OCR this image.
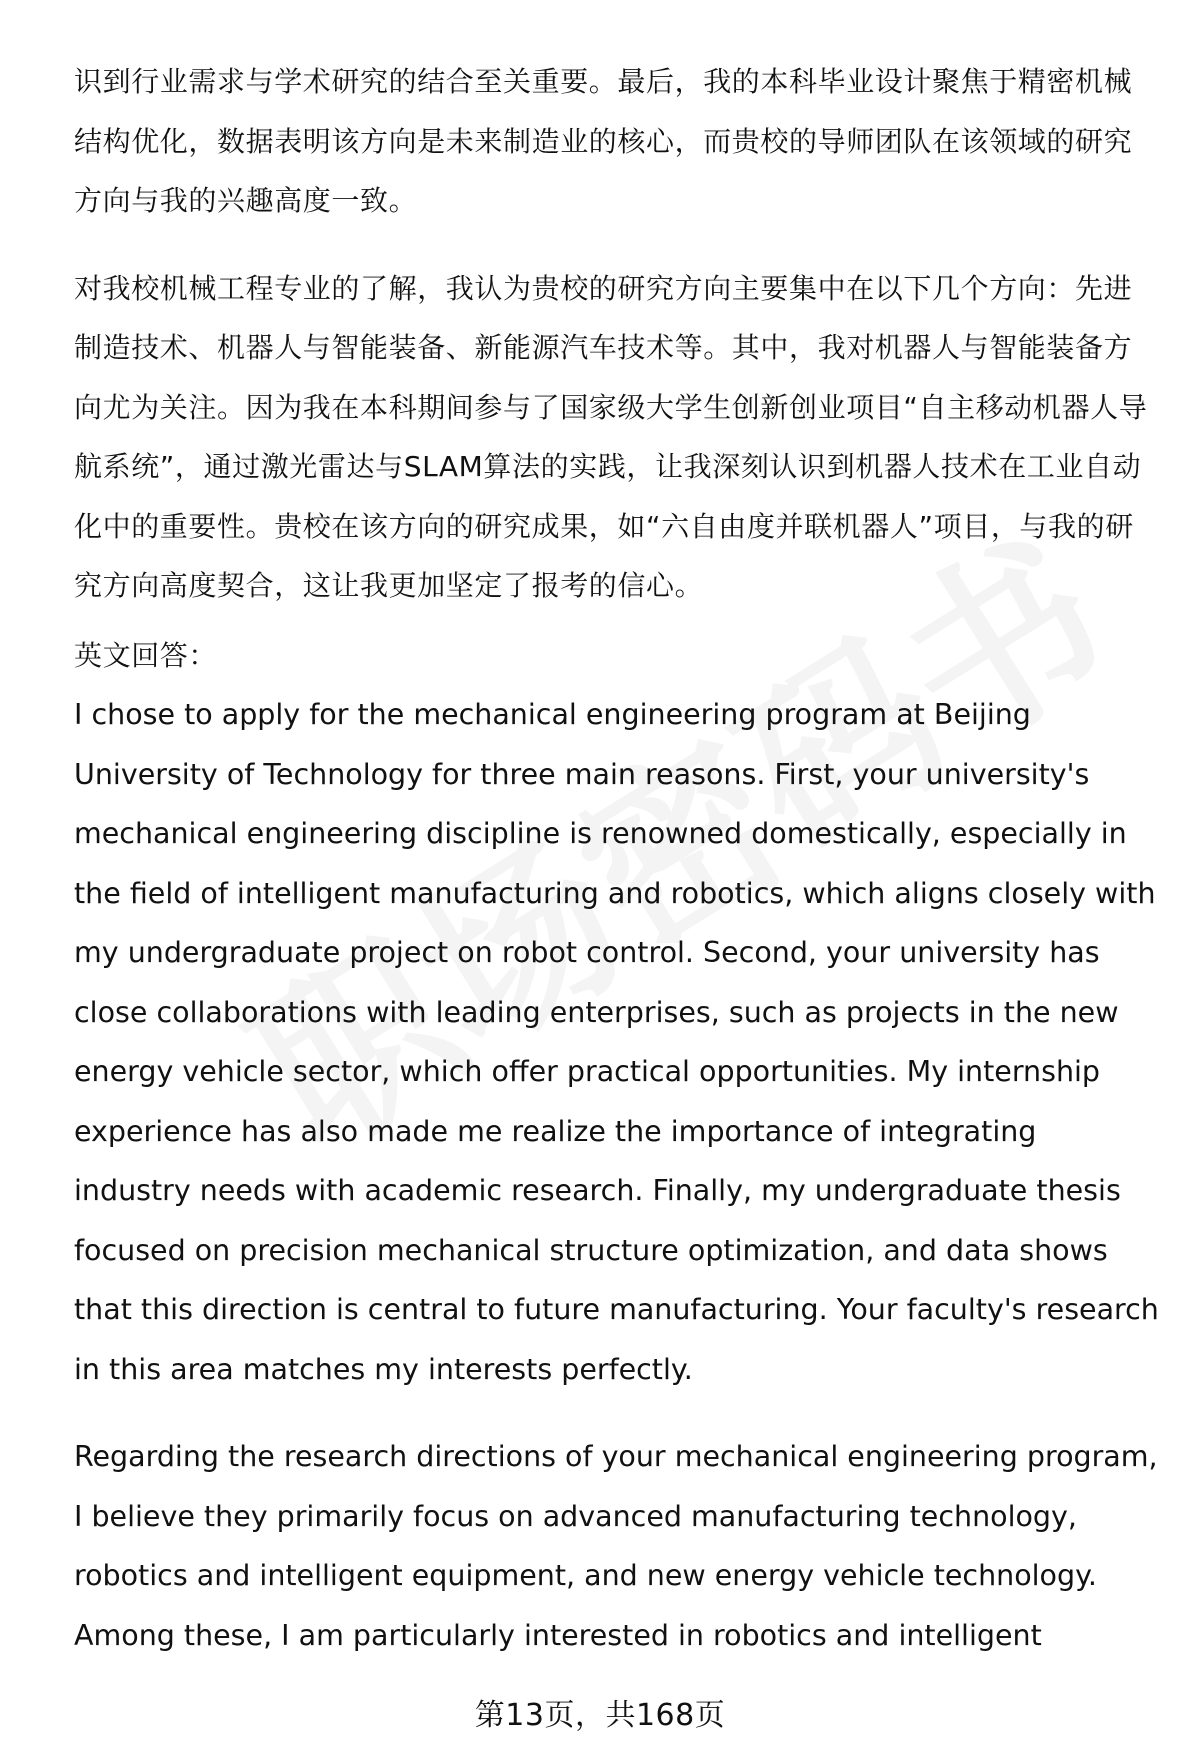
识到行业需求与学术研究的结合至关重要。最后，我的本科毕业设计聚焦于精密机械结构优化，数据表明该方向是未来制造业的核心，而贵校的导师团队在该领域的研究方向与我的兴趣高度一致。

对我校机械工程专业的了解，我认为贵校的研究方向主要集中在以下几个方向：先进制造技术、机器人与智能装备、新能源汽车技术等。其中，我对机器人与智能装备方向尤为关注。因为我在本科期间参与了国家级大学生创新创业项目“自主移动机器人导航系统”，通过激光雷达与SLAM算法的实践，让我深刻认识到机器人技术在工业自动化中的重要性。贵校在该方向的研究成果，如“六自由度并联机器人”项目，与我的研究方向高度契合，这让我更加坚定了报考的信心。

英文回答：

I chose to apply for the mechanical engineering program at Beijing University of Technology for three main reasons. First, your university's mechanical engineering discipline is renowned domestically, especially in the field of intelligent manufacturing and robotics, which aligns closely with my undergraduate project on robot control. Second, your university has close collaborations with leading enterprises, such as projects in the new energy vehicle sector, which offer practical opportunities. My internship experience has also made me realize the importance of integrating industry needs with academic research. Finally, my undergraduate thesis focused on precision mechanical structure optimization, and data shows that this direction is central to future manufacturing. Your faculty's research in this area matches my interests perfectly.

Regarding the research directions of your mechanical engineering program, I believe they primarily focus on advanced manufacturing technology, robotics and intelligent equipment, and new energy vehicle technology. Among these, I am particularly interested in robotics and intelligent

第13页，共168页
